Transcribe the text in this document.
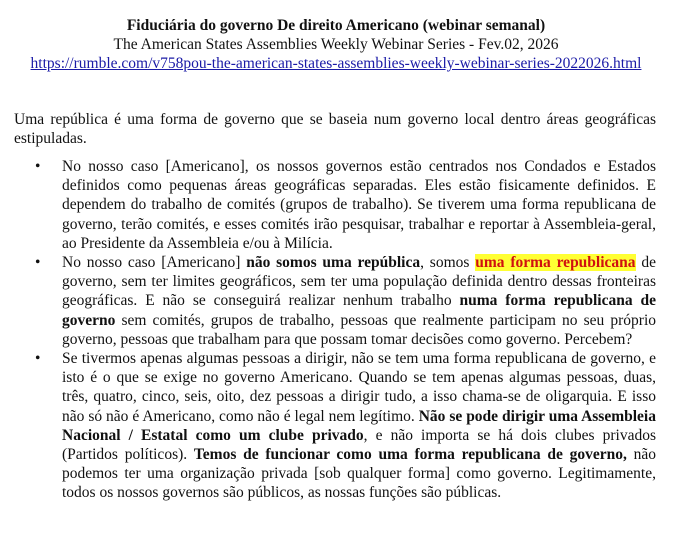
Fiduciária do governo De direito Americano (webinar semanal)
The American States Assemblies Weekly Webinar Series - Fev.02, 2026
https://rumble.com/v758pou-the-american-states-assemblies-weekly-webinar-series-2022026.html
Uma república é uma forma de governo que se baseia num governo local dentro áreas geográficas estipuladas.
• No nosso caso [Americano], os nossos governos estão centrados nos Condados e Estados definidos como pequenas áreas geográficas separadas. Eles estão fisicamente definidos. E dependem do trabalho de comités (grupos de trabalho). Se tiverem uma forma republicana de governo, terão comités, e esses comités irão pesquisar, trabalhar e reportar à Assembleia-geral, ao Presidente da Assembleia e/ou à Milícia.
• No nosso caso [Americano] não somos uma república, somos uma forma republicana de governo, sem ter limites geográficos, sem ter uma população definida dentro dessas fronteiras geográficas. E não se conseguirá realizar nenhum trabalho numa forma republicana de governo sem comités, grupos de trabalho, pessoas que realmente participam no seu próprio governo, pessoas que trabalham para que possam tomar decisões como governo. Percebem?
• Se tivermos apenas algumas pessoas a dirigir, não se tem uma forma republicana de governo, e isto é o que se exige no governo Americano. Quando se tem apenas algumas pessoas, duas, três, quatro, cinco, seis, oito, dez pessoas a dirigir tudo, a isso chama-se de oligarquia. E isso não só não é Americano, como não é legal nem legítimo. Não se pode dirigir uma Assembleia Nacional / Estatal como um clube privado, e não importa se há dois clubes privados (Partidos políticos). Temos de funcionar como uma forma republicana de governo, não podemos ter uma organização privada [sob qualquer forma] como governo. Legitimamente, todos os nossos governos são públicos, as nossas funções são públicas.
